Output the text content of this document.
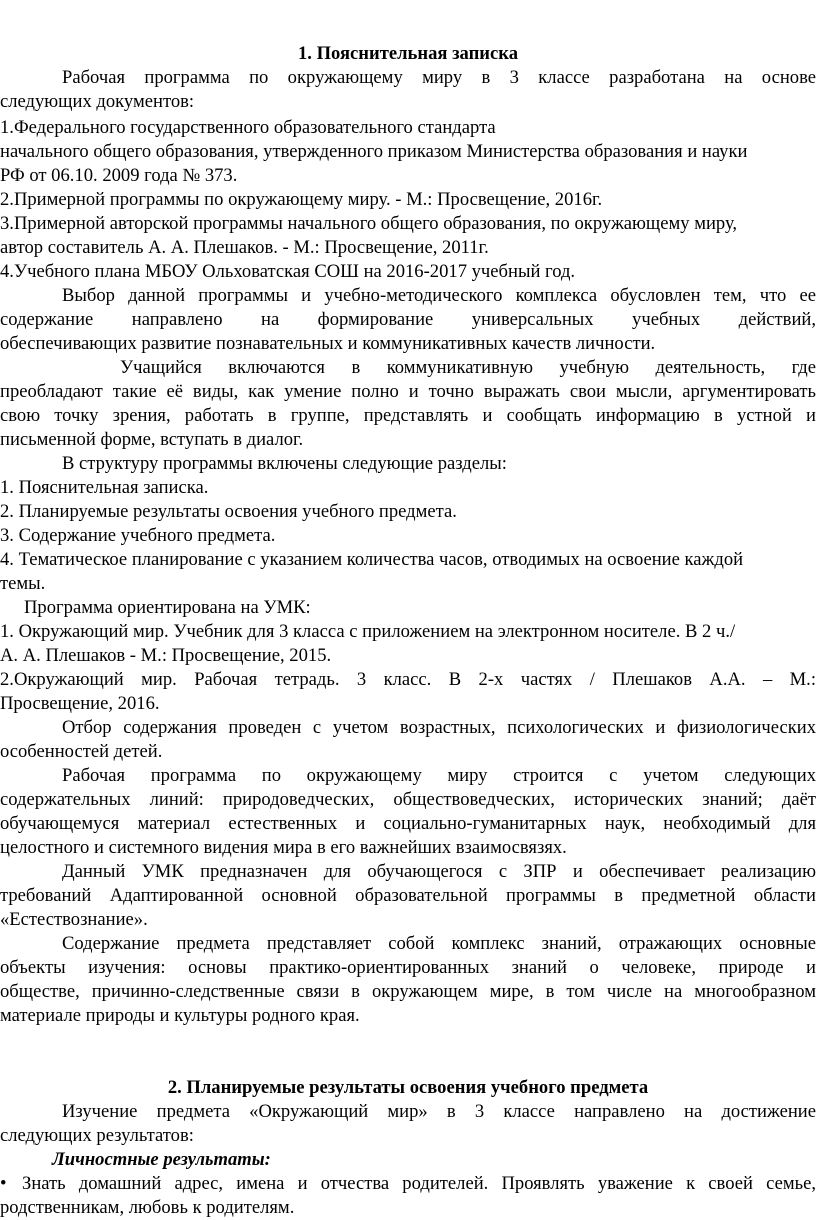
1. Пояснительная записка
Рабочая программа по окружающему миру в 3 классе разработана на основе
следующих документов:
1.Федерального государственного образовательного стандарта
начального общего образования, утвержденного приказом Министерства образования и науки
РФ от 06.10. 2009 года № 373.
2.Примерной программы по окружающему миру. - М.: Просвещение, 2016г.
3.Примерной авторской программы начального общего образования, по окружающему миру,
автор составитель А. А. Плешаков. - М.: Просвещение, 2011г.
4.Учебного плана МБОУ Ольховатская СОШ на 2016-2017 учебный год.
Выбор данной программы и учебно-методического комплекса обусловлен тем, что ее
содержание направлено на формирование универсальных учебных действий,
обеспечивающих развитие познавательных и коммуникативных качеств личности.
Учащийся включаются в коммуникативную учебную деятельность, где
преобладают такие её виды, как умение полно и точно выражать свои мысли, аргументировать
свою точку зрения, работать в группе, представлять и сообщать информацию в устной и
письменной форме, вступать в диалог.
В структуру программы включены следующие разделы:
1. Пояснительная записка.
2. Планируемые результаты освоения учебного предмета.
3. Содержание учебного предмета.
4. Тематическое планирование с указанием количества часов, отводимых на освоение каждой
темы.
Программа ориентирована на УМК:
1. Окружающий мир. Учебник для 3 класса с приложением на электронном носителе. В 2 ч./
А. А. Плешаков - М.: Просвещение, 2015.
2.Окружающий мир. Рабочая тетрадь. 3 класс. В 2-х частях / Плешаков А.А. – М.:
Просвещение, 2016.
Отбор содержания проведен с учетом возрастных, психологических и физиологических
особенностей детей.
Рабочая программа по окружающему миру строится с учетом следующих
содержательных линий: природоведческих, обществоведческих, исторических знаний; даёт
обучающемуся материал естественных и социально-гуманитарных наук, необходимый для
целостного и системного видения мира в его важнейших взаимосвязях.
Данный УМК предназначен для обучающегося с ЗПР и обеспечивает реализацию
требований Адаптированной основной образовательной программы в предметной области
«Естествознание».
Содержание предмета представляет собой комплекс знаний, отражающих основные
объекты изучения: основы практико-ориентированных знаний о человеке, природе и
обществе, причинно-следственные связи в окружающем мире, в том числе на многообразном
материале природы и культуры родного края.
2. Планируемые результаты освоения учебного предмета
Изучение предмета «Окружающий мир» в 3 классе направлено на достижение
следующих результатов:
Личностные результаты:
• Знать домашний адрес, имена и отчества родителей. Проявлять уважение к своей семье,
родственникам, любовь к родителям.
